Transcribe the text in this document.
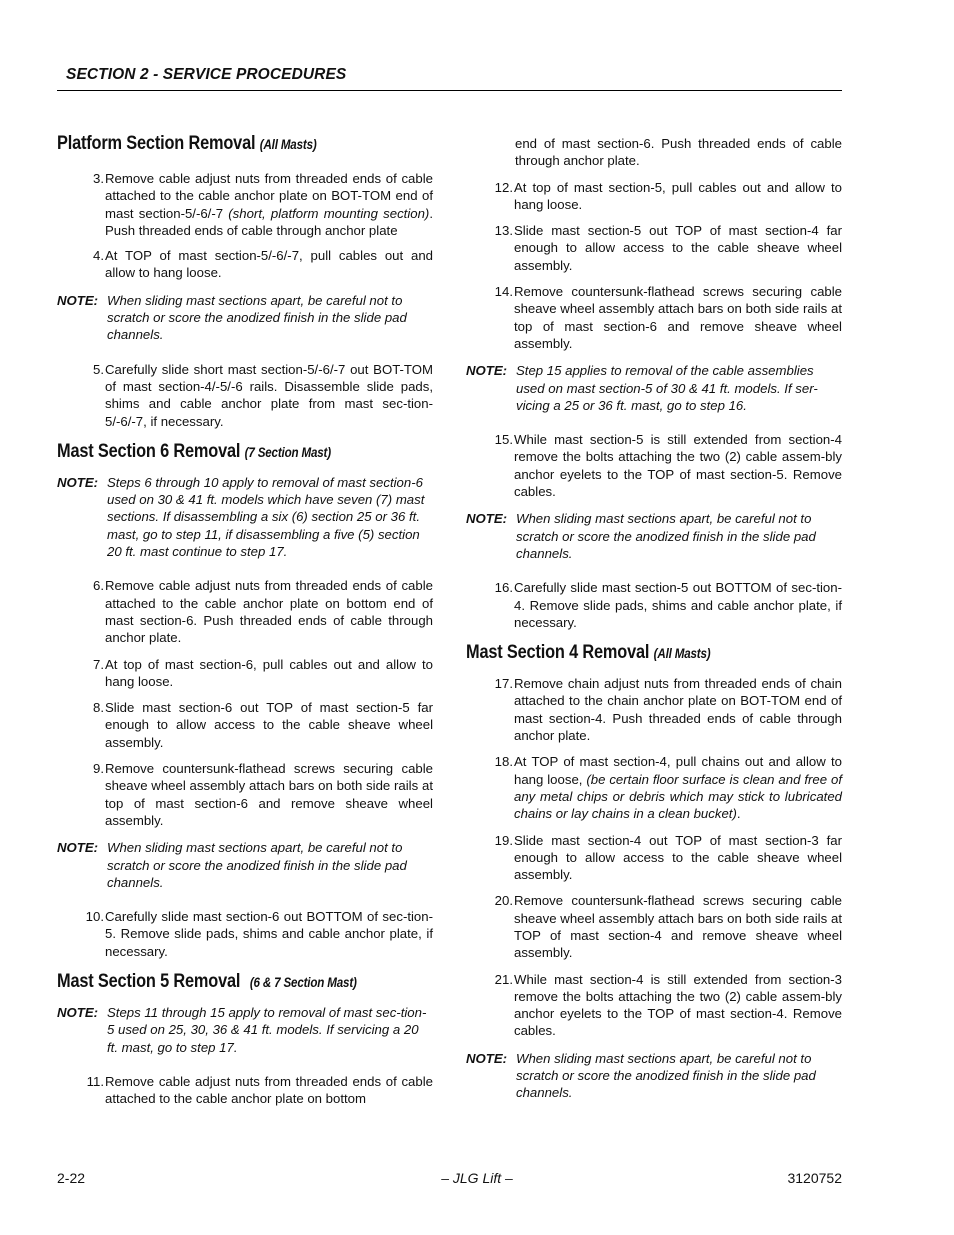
SECTION 2 - SERVICE PROCEDURES
Platform Section Removal (All Masts)
3. Remove cable adjust nuts from threaded ends of cable attached to the cable anchor plate on BOT-TOM end of mast section-5/-6/-7 (short, platform mounting section). Push threaded ends of cable through anchor plate
4. At TOP of mast section-5/-6/-7, pull cables out and allow to hang loose.
NOTE: When sliding mast sections apart, be careful not to scratch or score the anodized finish in the slide pad channels.
5. Carefully slide short mast section-5/-6/-7 out BOT-TOM of mast section-4/-5/-6 rails. Disassemble slide pads, shims and cable anchor plate from mast sec-tion-5/-6/-7, if necessary.
Mast Section 6 Removal (7 Section Mast)
NOTE: Steps 6 through 10 apply to removal of mast section-6 used on 30 & 41 ft. models which have seven (7) mast sections. If disassembling a six (6) section 25 or 36 ft. mast, go to step 11, if disassembling a five (5) section 20 ft. mast continue to step 17.
6. Remove cable adjust nuts from threaded ends of cable attached to the cable anchor plate on bottom end of mast section-6. Push threaded ends of cable through anchor plate.
7. At top of mast section-6, pull cables out and allow to hang loose.
8. Slide mast section-6 out TOP of mast section-5 far enough to allow access to the cable sheave wheel assembly.
9. Remove countersunk-flathead screws securing cable sheave wheel assembly attach bars on both side rails at top of mast section-6 and remove sheave wheel assembly.
NOTE: When sliding mast sections apart, be careful not to scratch or score the anodized finish in the slide pad channels.
10. Carefully slide mast section-6 out BOTTOM of sec-tion-5. Remove slide pads, shims and cable anchor plate, if necessary.
Mast Section 5 Removal (6 & 7 Section Mast)
NOTE: Steps 11 through 15 apply to removal of mast sec-tion-5 used on 25, 30, 36 & 41 ft. models. If servicing a 20 ft. mast, go to step 17.
11. Remove cable adjust nuts from threaded ends of cable attached to the cable anchor plate on bottom
end of mast section-6. Push threaded ends of cable through anchor plate.
12. At top of mast section-5, pull cables out and allow to hang loose.
13. Slide mast section-5 out TOP of mast section-4 far enough to allow access to the cable sheave wheel assembly.
14. Remove countersunk-flathead screws securing cable sheave wheel assembly attach bars on both side rails at top of mast section-6 and remove sheave wheel assembly.
NOTE: Step 15 applies to removal of the cable assemblies used on mast section-5 of 30 & 41 ft. models. If ser-vicing a 25 or 36 ft. mast, go to step 16.
15. While mast section-5 is still extended from section-4 remove the bolts attaching the two (2) cable assem-bly anchor eyelets to the TOP of mast section-5. Remove cables.
NOTE: When sliding mast sections apart, be careful not to scratch or score the anodized finish in the slide pad channels.
16. Carefully slide mast section-5 out BOTTOM of sec-tion-4. Remove slide pads, shims and cable anchor plate, if necessary.
Mast Section 4 Removal (All Masts)
17. Remove chain adjust nuts from threaded ends of chain attached to the chain anchor plate on BOT-TOM end of mast section-4. Push threaded ends of cable through anchor plate.
18. At TOP of mast section-4, pull chains out and allow to hang loose, (be certain floor surface is clean and free of any metal chips or debris which may stick to lubricated chains or lay chains in a clean bucket).
19. Slide mast section-4 out TOP of mast section-3 far enough to allow access to the cable sheave wheel assembly.
20. Remove countersunk-flathead screws securing cable sheave wheel assembly attach bars on both side rails at TOP of mast section-4 and remove sheave wheel assembly.
21. While mast section-4 is still extended from section-3 remove the bolts attaching the two (2) cable assem-bly anchor eyelets to the TOP of mast section-4. Remove cables.
NOTE: When sliding mast sections apart, be careful not to scratch or score the anodized finish in the slide pad channels.
2-22	– JLG Lift –	3120752
